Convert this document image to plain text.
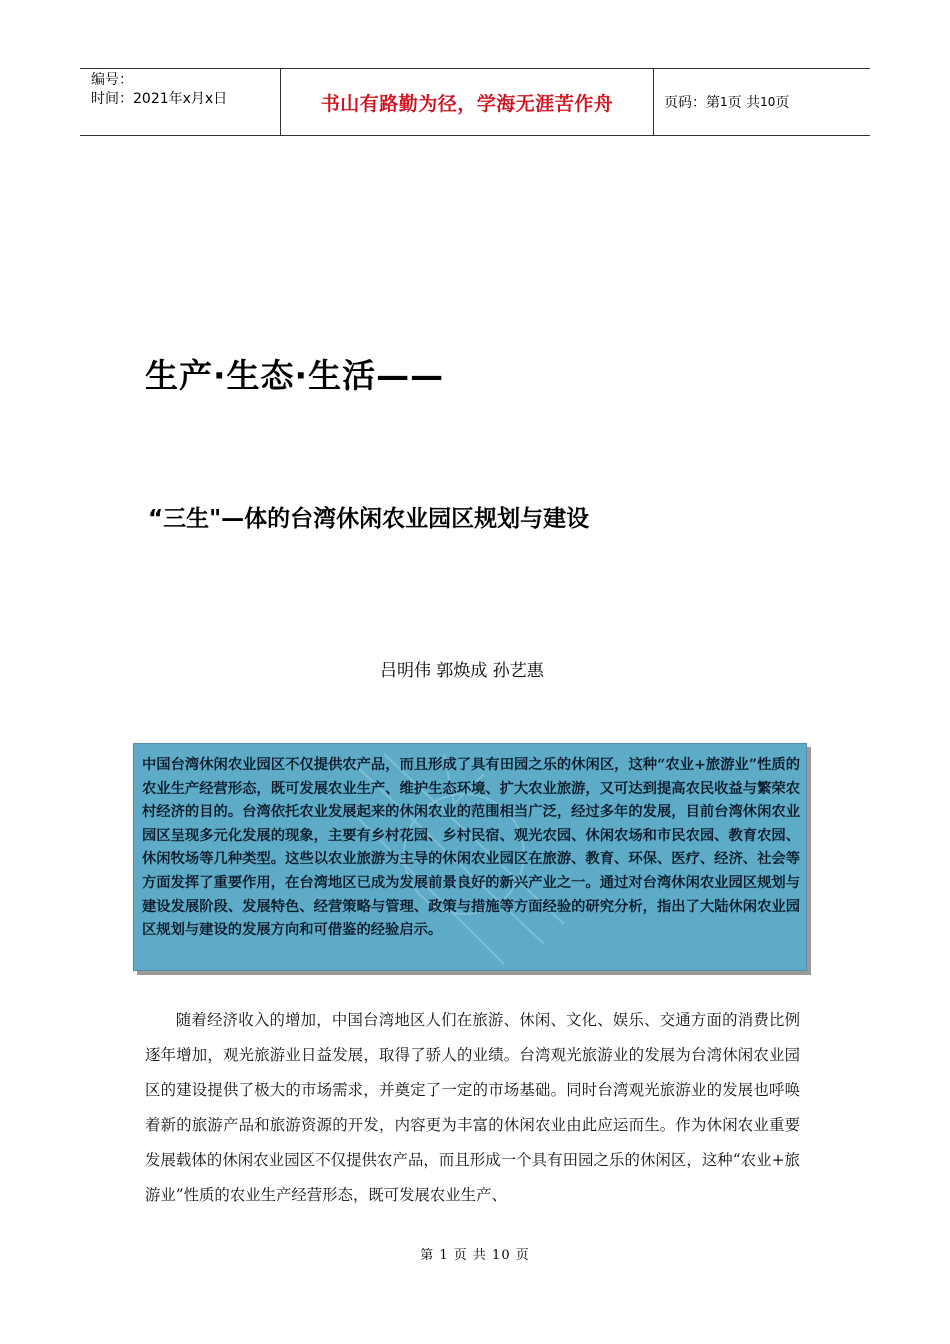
编号：
时间：2021年x月x日	书山有路勤为径，学海无涯苦作舟	页码：第 1 页 共 10 页
生产·生态·生活——
“三生"—体的台湾休闲农业园区规划与建设
吕明伟 郭焕成 孙艺惠
中国台湾休闲农业园区不仅提供农产品，而且形成了具有田园之乐的休闲区，这种“农业+旅游业”性质的农业生产经营形态，既可发展农业生产、维护生态环境、扩大农业旅游，又可达到提高农民收益与繁荣农村经济的目的。台湾依托农业发展起来的休闲农业的范围相当广泛，经过多年的发展，目前台湾休闲农业园区呈现多元化发展的现象，主要有乡村花园、乡村民宿、观光农园、休闲农场和市民农园、教育农园、休闲牧场等几种类型。这些以农业旅游为主导的休闲农业园区在旅游、教育、环保、医疗、经济、社会等方面发挥了重要作用，在台湾地区已成为发展前景良好的新兴产业之一。通过对台湾休闲农业园区规划与建设发展阶段、发展特色、经营策略与管理、政策与措施等方面经验的研究分析，指出了大陆休闲农业园区规划与建设的发展方向和可借鉴的经验启示。

随着经济收入的增加，中国台湾地区人们在旅游、休闲、文化、娱乐、交通方面的消费比例逐年增加，观光旅游业日益发展，取得了骄人的业绩。台湾观光旅游业的发展为台湾休闲农业园区的建设提供了极大的市场需求，并奠定了一定的市场基础。同时台湾观光旅游业的发展也呼唤着新的旅游产品和旅游资源的开发，内容更为丰富的休闲农业由此应运而生。作为休闲农业重要发展载体的休闲农业园区不仅提供农产品，而且形成一个具有田园之乐的休闲区，这种“农业+旅游业”性质的农业生产经营形态，既可发展农业生产、

第 1 页 共 10 页
